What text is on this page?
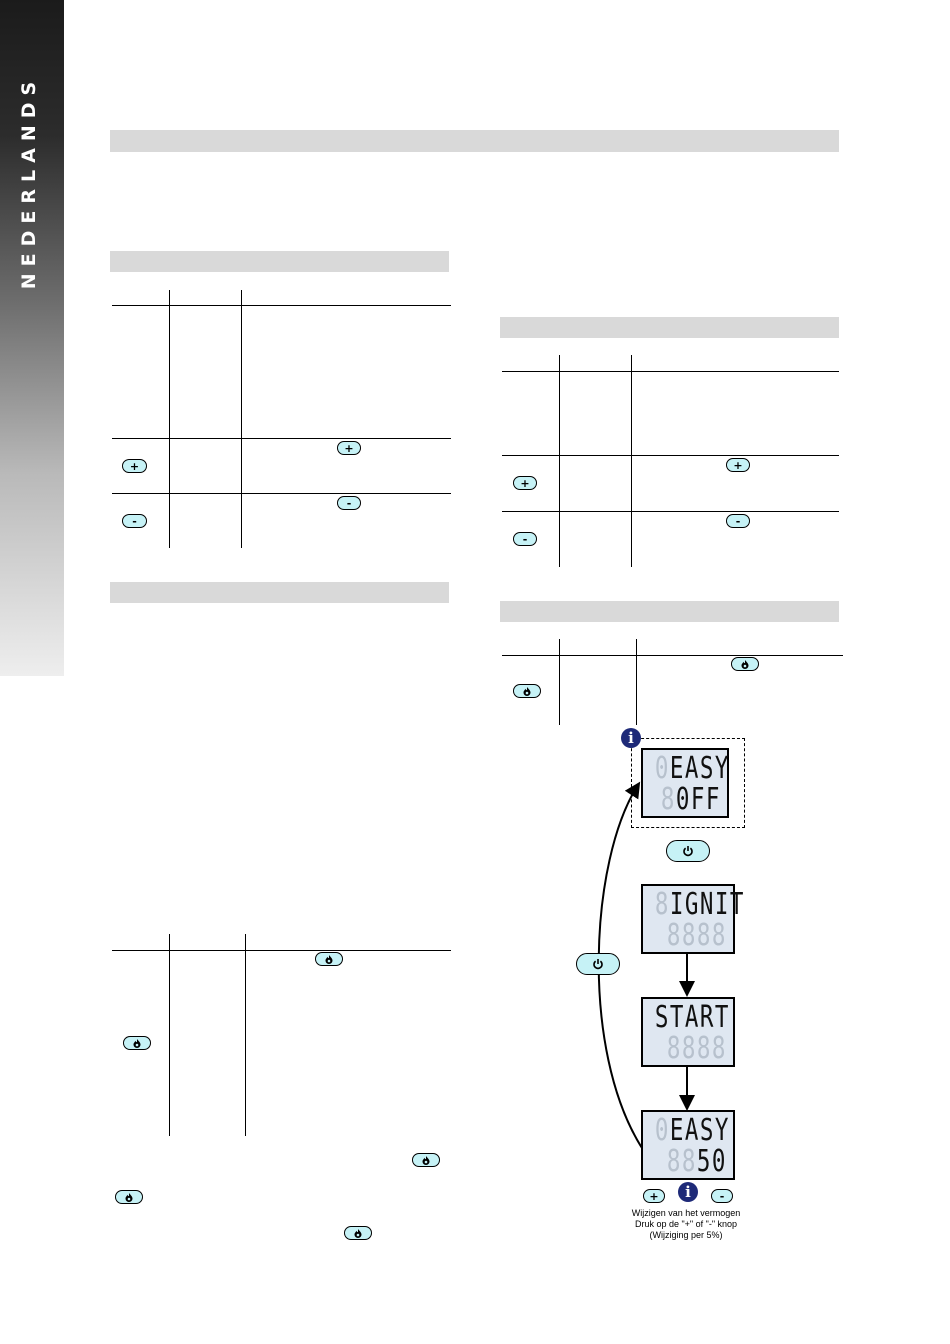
NEDERLANDS
+
+
-
-
+
+
-
-
i
0 E A S Y
8 0 F F
8 I G N I T
8 8 8 8
S T A R T
8 8 8 8
0 E A S Y
8 8 5 0
+	i	-
Wijzigen van het vermogen
Druk op de "+" of "-" knop
(Wijziging per 5%)
